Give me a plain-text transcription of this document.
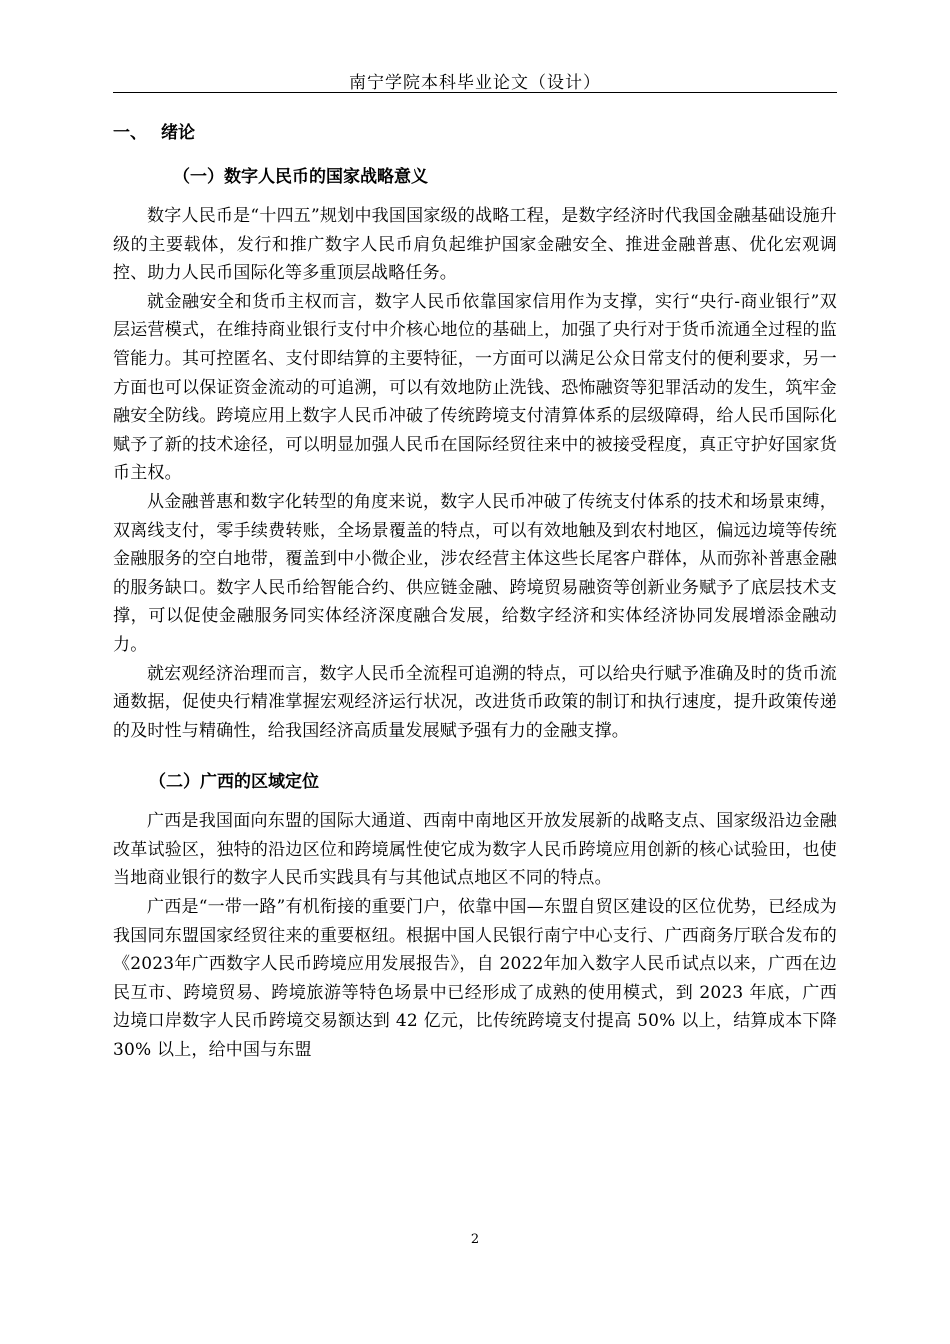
南宁学院本科毕业论文（设计）
一、 绪论
（一）数字人民币的国家战略意义

数字人民币是“十四五”规划中我国国家级的战略工程，是数字经济时代我国金融基础设施升级的主要载体，发行和推广数字人民币肩负起维护国家金融安全、推进金融普惠、优化宏观调控、助力人民币国际化等多重顶层战略任务。

就金融安全和货币主权而言，数字人民币依靠国家信用作为支撑，实行“央行-商业银行”双层运营模式，在维持商业银行支付中介核心地位的基础上，加强了央行对于货币流通全过程的监管能力。其可控匿名、支付即结算的主要特征，一方面可以满足公众日常支付的便利要求，另一方面也可以保证资金流动的可追溯，可以有效地防止洗钱、恐怖融资等犯罪活动的发生，筑牢金融安全防线。跨境应用上数字人民币冲破了传统跨境支付清算体系的层级障碍，给人民币国际化赋予了新的技术途径，可以明显加强人民币在国际经贸往来中的被接受程度，真正守护好国家货币主权。

从金融普惠和数字化转型的角度来说，数字人民币冲破了传统支付体系的技术和场景束缚，双离线支付，零手续费转账，全场景覆盖的特点，可以有效地触及到农村地区，偏远边境等传统金融服务的空白地带，覆盖到中小微企业，涉农经营主体这些长尾客户群体，从而弥补普惠金融的服务缺口。数字人民币给智能合约、供应链金融、跨境贸易融资等创新业务赋予了底层技术支撑，可以促使金融服务同实体经济深度融合发展，给数字经济和实体经济协同发展增添金融动力。

就宏观经济治理而言，数字人民币全流程可追溯的特点，可以给央行赋予准确及时的货币流通数据，促使央行精准掌握宏观经济运行状况，改进货币政策的制订和执行速度，提升政策传递的及时性与精确性，给我国经济高质量发展赋予强有力的金融支撑。

（二）广西的区域定位

广西是我国面向东盟的国际大通道、西南中南地区开放发展新的战略支点、国家级沿边金融改革试验区，独特的沿边区位和跨境属性使它成为数字人民币跨境应用创新的核心试验田，也使当地商业银行的数字人民币实践具有与其他试点地区不同的特点。

广西是“一带一路”有机衔接的重要门户，依靠中国—东盟自贸区建设的区位优势，已经成为我国同东盟国家经贸往来的重要枢纽。根据中国人民银行南宁中心支行、广西商务厅联合发布的《2023年广西数字人民币跨境应用发展报告》，自 2022年加入数字人民币试点以来，广西在边民互市、跨境贸易、跨境旅游等特色场景中已经形成了成熟的使用模式，到 2023 年底，广西边境口岸数字人民币跨境交易额达到 42 亿元，比传统跨境支付提高 50% 以上，结算成本下降 30% 以上，给中国与东盟

2
